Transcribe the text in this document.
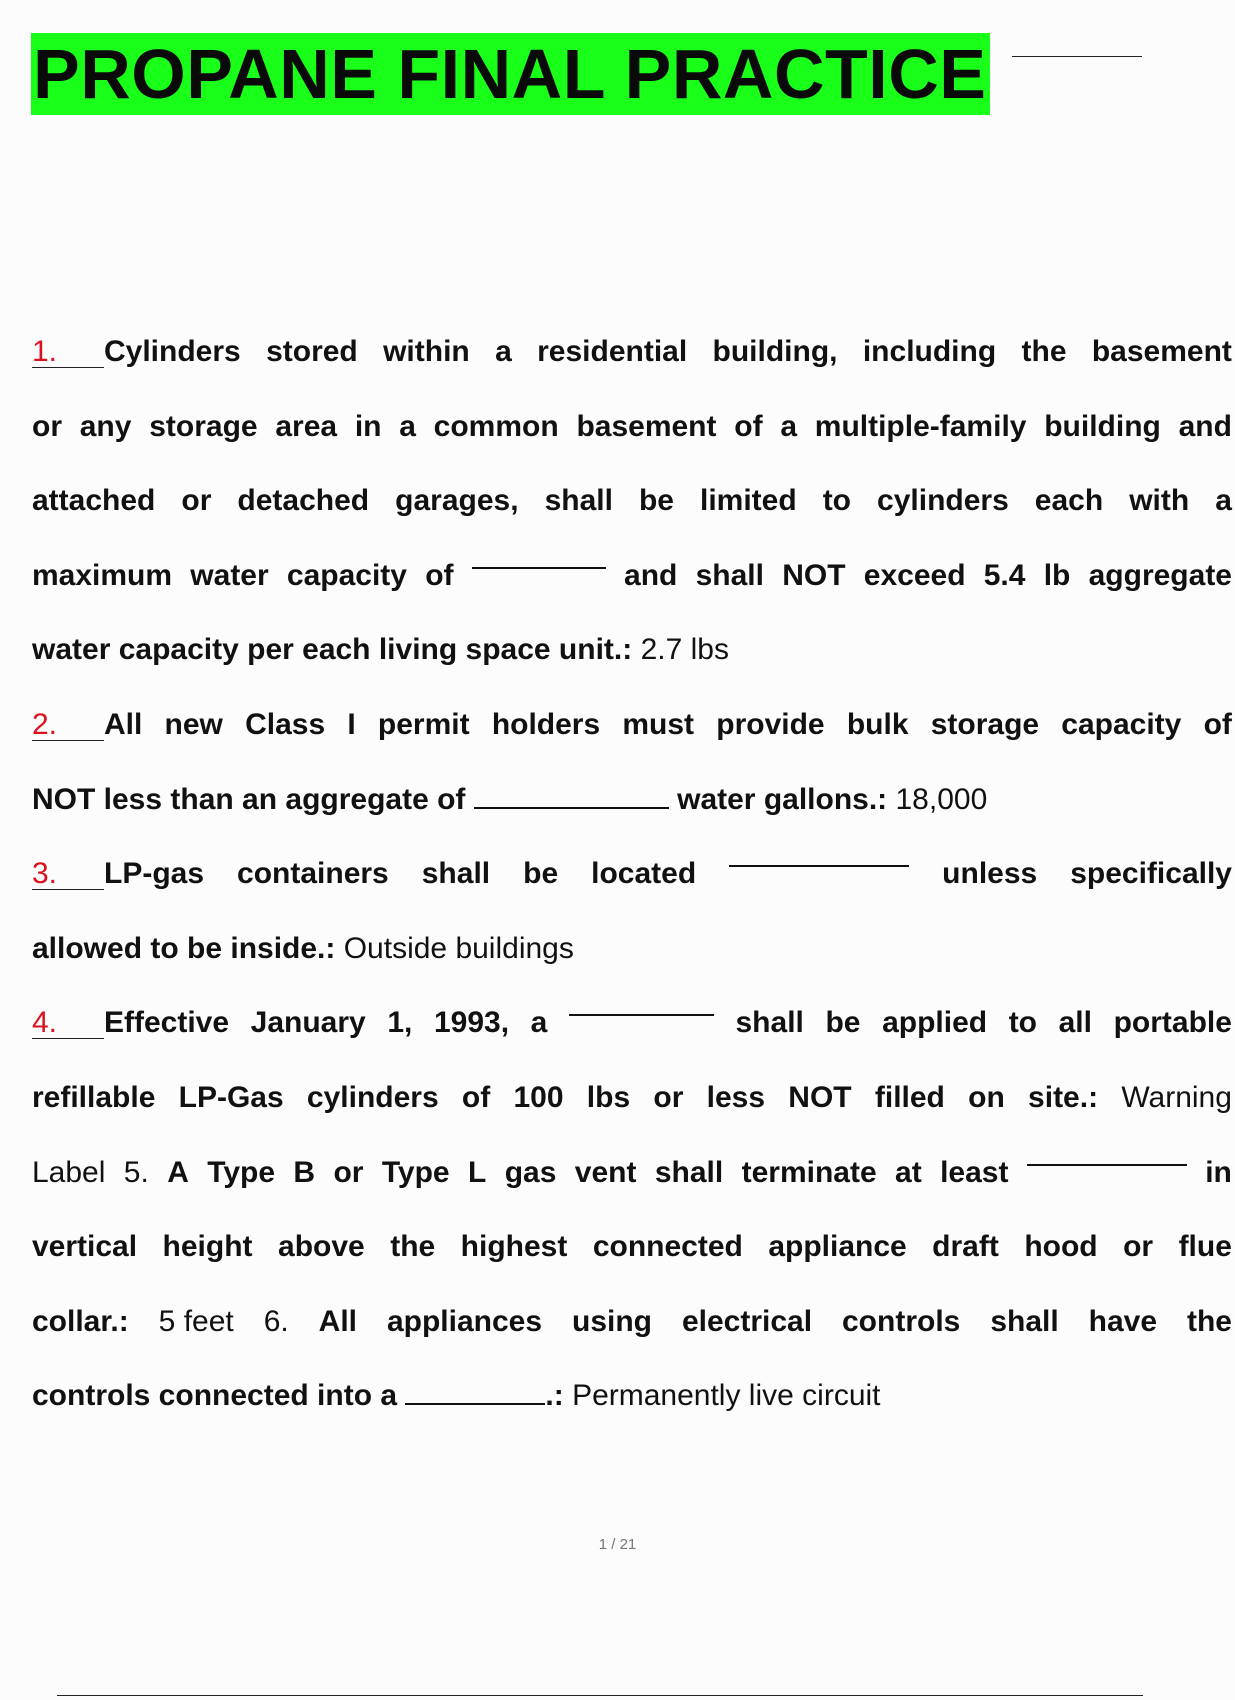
PROPANE FINAL PRACTICE
1. Cylinders stored within a residential building, including the basement
or any storage area in a common basement of a multiple-family building and
attached or detached garages, shall be limited to cylinders each with a
maximum water capacity of	and shall NOT exceed 5.4 lb aggregate
water capacity per each living space unit.: 2.7 lbs
2. All new Class I permit holders must provide bulk storage capacity of
NOT less than an aggregate of	water gallons.: 18,000
3. LP-gas containers shall be located	unless specifically
allowed to be inside.: Outside buildings
4. Effective January 1, 1993, a	shall be applied to all portable
refillable LP-Gas cylinders of 100 lbs or less NOT filled on site.: Warning
Label 5. A Type B or Type L gas vent shall terminate at least	in
vertical height above the highest connected appliance draft hood or flue
collar.: 5 feet 6. All appliances using electrical controls shall have the
controls connected into a	.: Permanently live circuit
1 / 21
